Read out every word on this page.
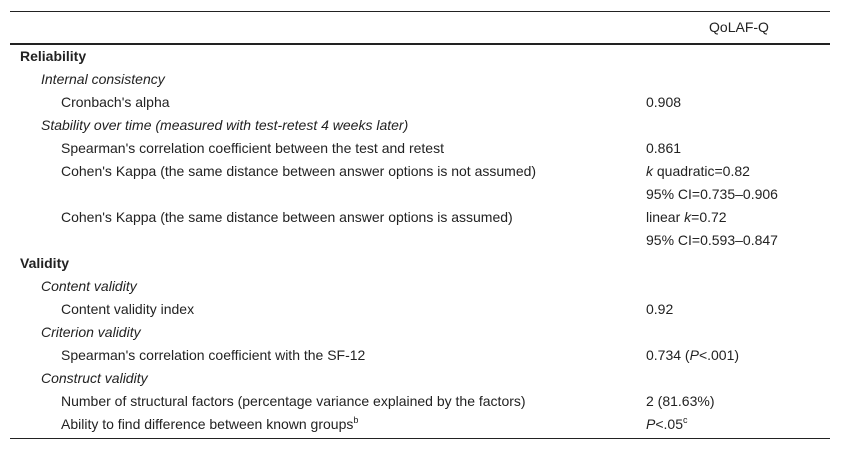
QoLAF-Q
Reliability
Internal consistency
Cronbach's alpha	0.908
Stability over time (measured with test-retest 4 weeks later)
Spearman's correlation coefficient between the test and retest	0.861
Cohen's Kappa (the same distance between answer options is not assumed)	k quadratic=0.82
95% CI=0.735–0.906
Cohen's Kappa (the same distance between answer options is assumed)	linear k=0.72
95% CI=0.593–0.847
Validity
Content validity
Content validity index	0.92
Criterion validity
Spearman's correlation coefficient with the SF-12	0.734 (P<.001)
Construct validity
Number of structural factors (percentage variance explained by the factors)	2 (81.63%)
Ability to find difference between known groups$^b$	P<.05$^c$
